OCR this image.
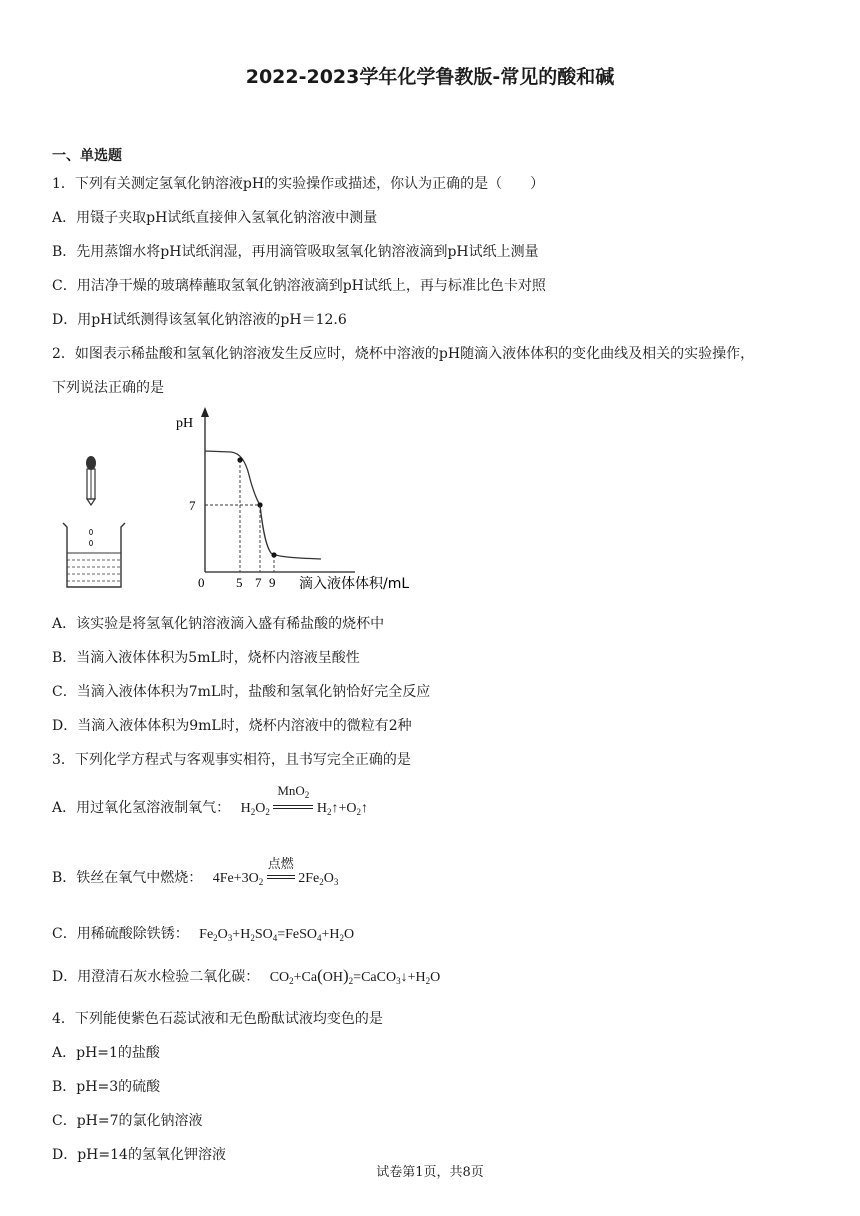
2022-2023学年化学鲁教版-常见的酸和碱
一、单选题
1．下列有关测定氢氧化钠溶液pH的实验操作或描述，你认为正确的是（　　）
A．用镊子夹取pH试纸直接伸入氢氧化钠溶液中测量
B．先用蒸馏水将pH试纸润湿，再用滴管吸取氢氧化钠溶液滴到pH试纸上测量
C．用洁净干燥的玻璃棒蘸取氢氧化钠溶液滴到pH试纸上，再与标准比色卡对照
D．用pH试纸测得该氢氧化钠溶液的pH＝12.6
2．如图表示稀盐酸和氢氧化钠溶液发生反应时，烧杯中溶液的pH随滴入液体体积的变化曲线及相关的实验操作，
下列说法正确的是
pH
7
0 5 7 9 滴入液体体积/mL
A．该实验是将氢氧化钠溶液滴入盛有稀盐酸的烧杯中
B．当滴入液体体积为5mL时，烧杯内溶液呈酸性
C．当滴入液体体积为7mL时，盐酸和氢氧化钠恰好完全反应
D．当滴入液体体积为9mL时，烧杯内溶液中的微粒有2种
3．下列化学方程式与客观事实相符，且书写完全正确的是
A．用过氧化氢溶液制氧气： $H_2O_2$
MnO$_2$
$H_2↑+O_2↑$
B．铁丝在氧气中燃烧： $4Fe+3O_2$
点燃
$2Fe_2O_3$
C．用稀硫酸除铁锈： $Fe_2O_3+H_2SO_4=FeSO_4+H_2O$
D．用澄清石灰水检验二氧化碳： $CO_2+Ca(OH)_2=CaCO_3↓+H_2O$
4．下列能使紫色石蕊试液和无色酚酞试液均变色的是
A．pH=1的盐酸
B．pH=3的硫酸
C．pH=7的氯化钠溶液
D．pH=14的氢氧化钾溶液
试卷第1页，共8页
